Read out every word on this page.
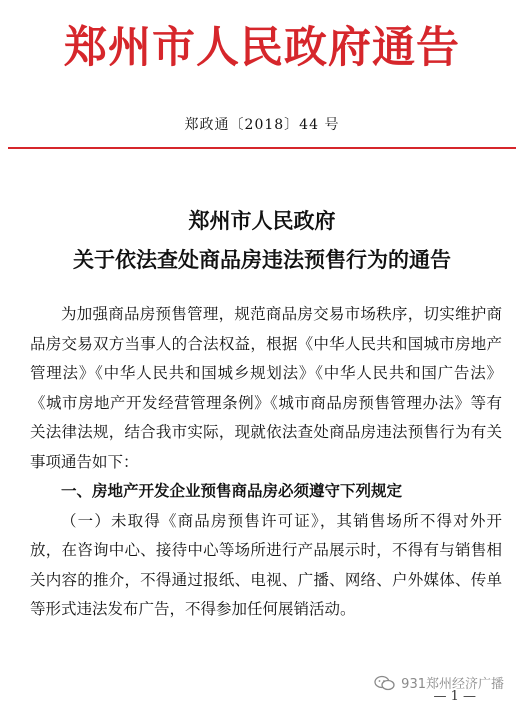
郑州市人民政府通告
郑政通〔2018〕44 号
郑州市人民政府
关于依法查处商品房违法预售行为的通告

为加强商品房预售管理，规范商品房交易市场秩序，切实维护商品房交易双方当事人的合法权益，根据《中华人民共和国城市房地产管理法》《中华人民共和国城乡规划法》《中华人民共和国广告法》《城市房地产开发经营管理条例》《城市商品房预售管理办法》等有关法律法规，结合我市实际，现就依法查处商品房违法预售行为有关事项通告如下：

一、房地产开发企业预售商品房必须遵守下列规定

（一）未取得《商品房预售许可证》，其销售场所不得对外开放，在咨询中心、接待中心等场所进行产品展示时，不得有与销售相关内容的推介，不得通过报纸、电视、广播、网络、户外媒体、传单等形式违法发布广告，不得参加任何展销活动。

931郑州经济广播
— 1 —
